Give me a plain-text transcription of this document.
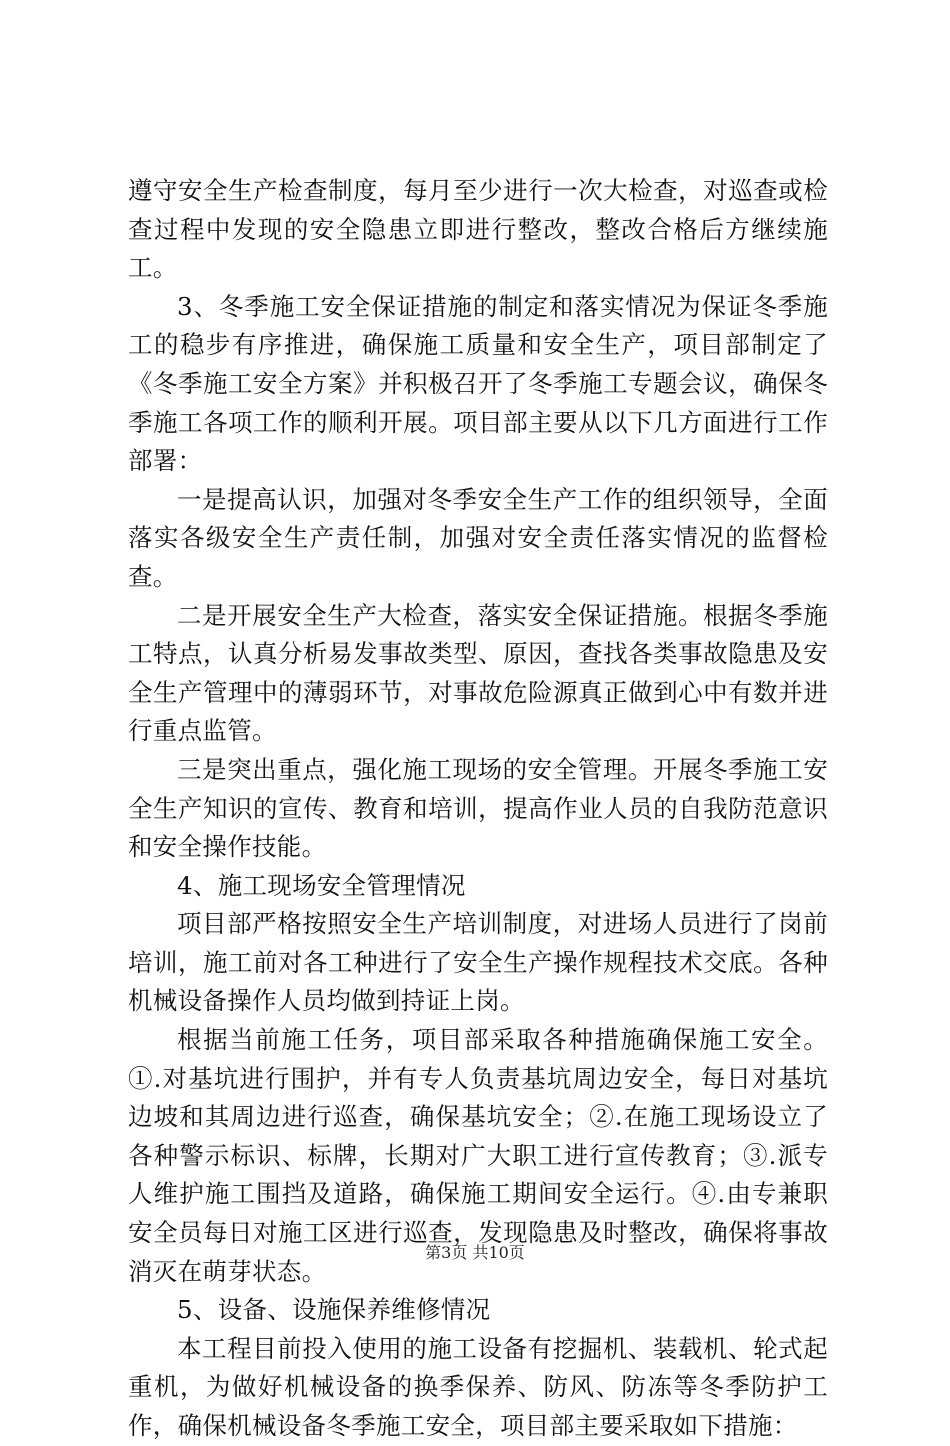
遵守安全生产检查制度，每月至少进行一次大检查，对巡查或检查过程中发现的安全隐患立即进行整改，整改合格后方继续施工。

3、冬季施工安全保证措施的制定和落实情况为保证冬季施工的稳步有序推进，确保施工质量和安全生产，项目部制定了《冬季施工安全方案》并积极召开了冬季施工专题会议，确保冬季施工各项工作的顺利开展。项目部主要从以下几方面进行工作部署：

一是提高认识，加强对冬季安全生产工作的组织领导，全面落实各级安全生产责任制，加强对安全责任落实情况的监督检查。

二是开展安全生产大检查，落实安全保证措施。根据冬季施工特点，认真分析易发事故类型、原因，查找各类事故隐患及安全生产管理中的薄弱环节，对事故危险源真正做到心中有数并进行重点监管。

三是突出重点，强化施工现场的安全管理。开展冬季施工安全生产知识的宣传、教育和培训，提高作业人员的自我防范意识和安全操作技能。

4、施工现场安全管理情况

项目部严格按照安全生产培训制度，对进场人员进行了岗前培训，施工前对各工种进行了安全生产操作规程技术交底。各种机械设备操作人员均做到持证上岗。

根据当前施工任务，项目部采取各种措施确保施工安全。①.对基坑进行围护，并有专人负责基坑周边安全，每日对基坑边坡和其周边进行巡查，确保基坑安全；②.在施工现场设立了各种警示标识、标牌，长期对广大职工进行宣传教育；③.派专人维护施工围挡及道路，确保施工期间安全运行。④.由专兼职安全员每日对施工区进行巡查，发现隐患及时整改，确保将事故消灭在萌芽状态。

5、设备、设施保养维修情况

本工程目前投入使用的施工设备有挖掘机、装载机、轮式起重机，为做好机械设备的换季保养、防风、防冻等冬季防护工作，确保机械设备冬季施工安全，项目部主要采取如下措施：

第3页 共10页
